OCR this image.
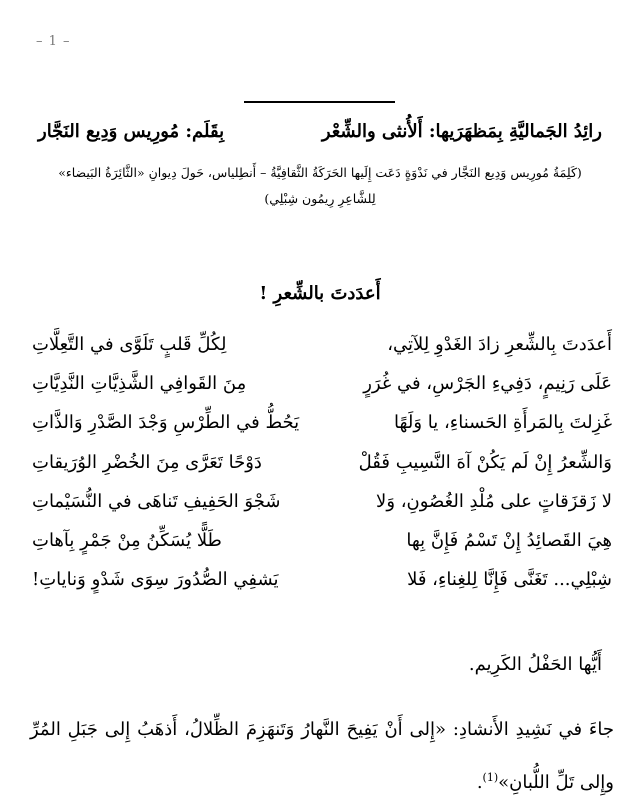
– 1 –
رائِدُ الجَماليَّةِ بِمَظهَرَيها: أَلأُنثى والشِّعْر
بِقَلَم: مُورِيس وَدِيع النَجَّار
(كَلِمَةُ مُورِيس وَدِيع النَجَّار في نَدْوَةٍ دَعَت إِلَيها الحَرَكَةُ الثَّقافِيَّةُ – أَنطِلياس، حَولَ دِيوانِ «الثَّائِرَةُ البَيضاء»
لِلشَّاعِرِ رِيمُون شِبْلِي)
أَعدَدتَ بالشِّعرِ !
أَعدَدتَ بِالشِّعرِ زادَ الغَدْوِ لِلآتِي،
لِكُلِّ قَلبٍ تَلَوَّى في التَّعِلَّاتِ
عَلَى رَنِيمٍ، دَفِيءِ الجَرْسِ، في غُرَرٍ
مِنَ القَوافِي الشَّذِيَّاتِ النَّدِيَّاتِ
غَزِلتَ بِالمَرأَةِ الحَسناءِ، يا وَلَهًا
يَحُطُّ في الطِّرْسِ وَجْدَ الصَّدْرِ وَالذَّاتِ
وَالشِّعرُ إِنْ لَم يَكُنْ آهَ النَّسِيبِ فَقُلْ
دَوْحًا تَعَرَّى مِنَ الخُضْرِ الوُرَيقاتِ
لا زَقزَقاتٍ على مُلْدِ الغُصُونِ، وَلا
شَجْوَ الحَفِيفِ تَناهَى في النُّسَيْماتِ
هِيَ القَصائِدُ إِنْ تَسْمُ فَإِنَّ بِها
طَلًّا يُسَكِّنُ مِنْ جَمْرٍ بِآهاتِ
شِبْلِي... تَغَنَّى فَإِنَّا لِلغِناءِ، فَلا
يَشفِي الصُّدُورَ سِوَى شَدْوٍ وَناياتِ!
أَيُّها الحَفْلُ الكَرِيم.
جاءَ في نَشِيدِ الأَنشادِ: «إِلى أَنْ يَفِيحَ النَّهارُ وَتَنهَزِمَ الظِّلالُ، أَذهَبُ إِلى جَبَلِ المُرِّ وإِلى تَلِّ اللُّبانِ»$^{(1)}$.
